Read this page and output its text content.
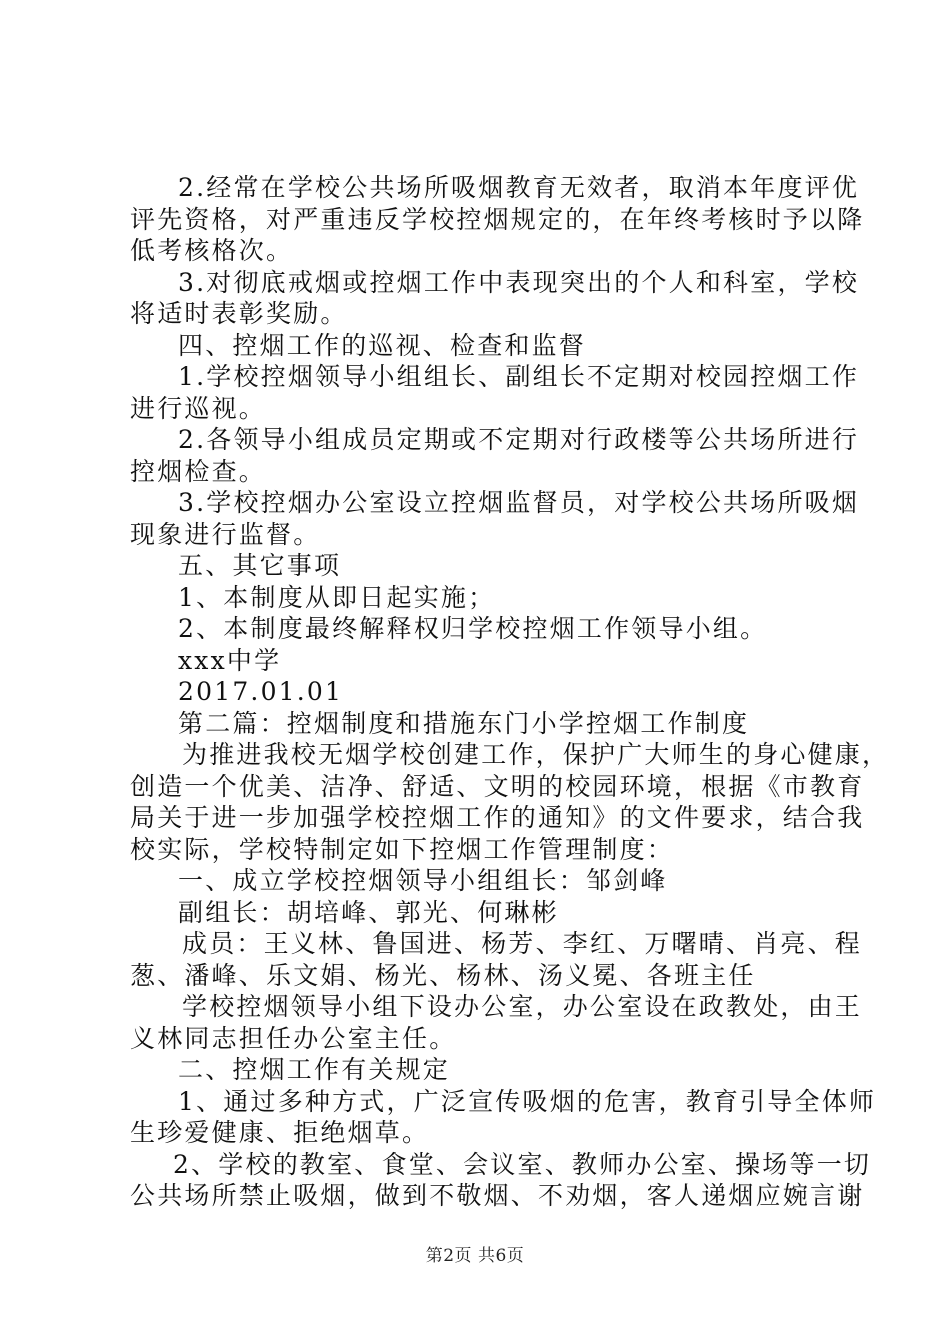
2.经常在学校公共场所吸烟教育无效者，取消本年度评优
评先资格，对严重违反学校控烟规定的，在年终考核时予以降
低考核格次。
3.对彻底戒烟或控烟工作中表现突出的个人和科室，学校
将适时表彰奖励。
四、控烟工作的巡视、检查和监督
1.学校控烟领导小组组长、副组长不定期对校园控烟工作
进行巡视。
2.各领导小组成员定期或不定期对行政楼等公共场所进行
控烟检查。
3.学校控烟办公室设立控烟监督员，对学校公共场所吸烟
现象进行监督。
五、其它事项
1、本制度从即日起实施；
2、本制度最终解释权归学校控烟工作领导小组。
xxx中学
2017.01.01
第二篇：控烟制度和措施东门小学控烟工作制度
为推进我校无烟学校创建工作，保护广大师生的身心健康，
创造一个优美、洁净、舒适、文明的校园环境，根据《市教育
局关于进一步加强学校控烟工作的通知》的文件要求，结合我
校实际，学校特制定如下控烟工作管理制度：
一、成立学校控烟领导小组组长：邹剑峰
副组长：胡培峰、郭光、何琳彬
成员：王义林、鲁国进、杨芳、李红、万曙晴、肖亮、程
葱、潘峰、乐文娟、杨光、杨林、汤义冕、各班主任
学校控烟领导小组下设办公室，办公室设在政教处，由王
义林同志担任办公室主任。
二、控烟工作有关规定
1、通过多种方式，广泛宣传吸烟的危害，教育引导全体师
生珍爱健康、拒绝烟草。
2、学校的教室、食堂、会议室、教师办公室、操场等一切
公共场所禁止吸烟，做到不敬烟、不劝烟，客人递烟应婉言谢
第2页 共6页
